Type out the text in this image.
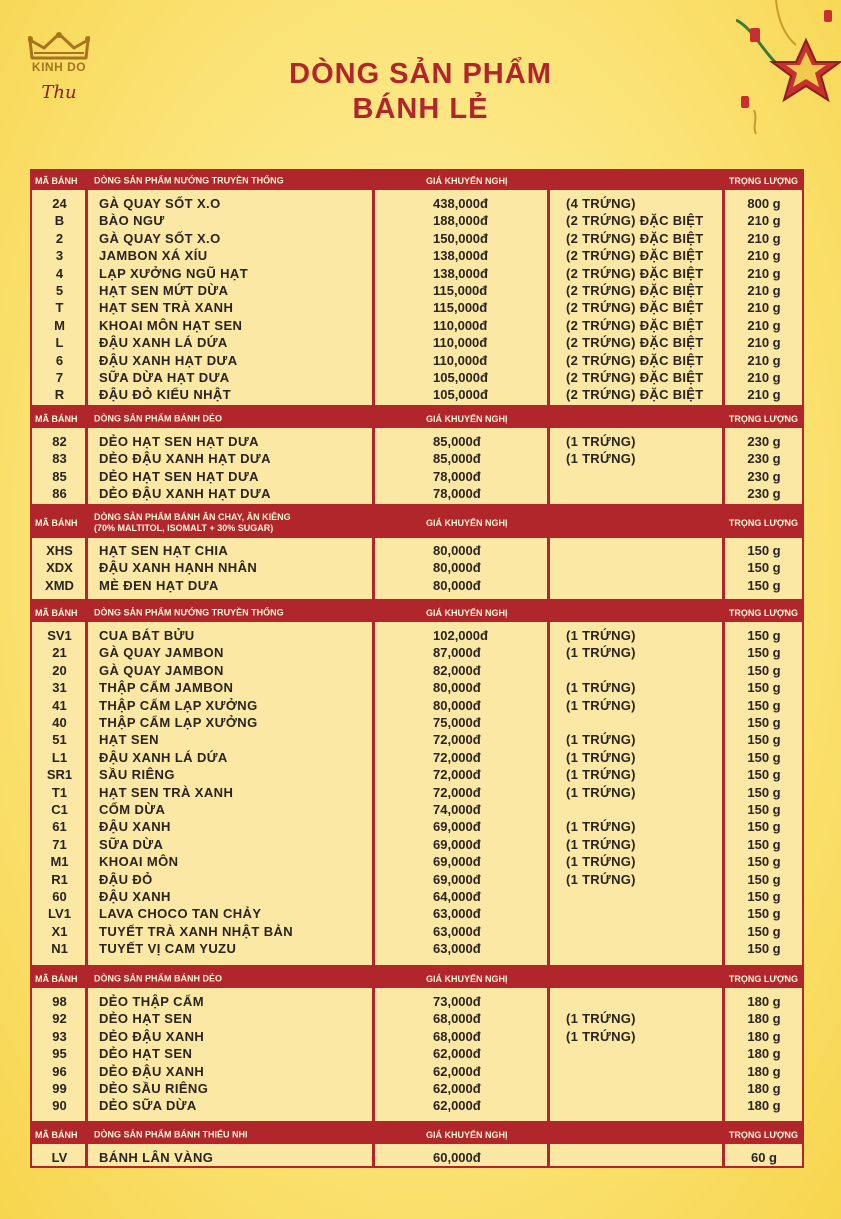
KINH DO
Thu
DÒNG SẢN PHẨM
BÁNH LẺ
MÃ BÁNH DÒNG SẢN PHẨM NƯỚNG TRUYỀN THỐNG	GIÁ KHUYẾN NGHỊ	TRỌNG LƯỢNG
24	GÀ QUAY SỐT X.O	438,000đ	(4 TRỨNG)	800 g
B	BÀO NGƯ	188,000đ	(2 TRỨNG) ĐẶC BIỆT	210 g
2	GÀ QUAY SỐT X.O	150,000đ	(2 TRỨNG) ĐẶC BIỆT	210 g
3	JAMBON XÁ XÍU	138,000đ	(2 TRỨNG) ĐẶC BIỆT	210 g
4	LẠP XƯỞNG NGŨ HẠT	138,000đ	(2 TRỨNG) ĐẶC BIỆT	210 g
5	HẠT SEN MỨT DỪA	115,000đ	(2 TRỨNG) ĐẶC BIỆT	210 g
T	HẠT SEN TRÀ XANH	115,000đ	(2 TRỨNG) ĐẶC BIỆT	210 g
M	KHOAI MÔN HẠT SEN	110,000đ	(2 TRỨNG) ĐẶC BIỆT	210 g
L	ĐẬU XANH LÁ DỨA	110,000đ	(2 TRỨNG) ĐẶC BIỆT	210 g
6	ĐẬU XANH HẠT DƯA	110,000đ	(2 TRỨNG) ĐẶC BIỆT	210 g
7	SỮA DỪA HẠT DƯA	105,000đ	(2 TRỨNG) ĐẶC BIỆT	210 g
R	ĐẬU ĐỎ KIỂU NHẬT	105,000đ	(2 TRỨNG) ĐẶC BIỆT	210 g
MÃ BÁNH DÒNG SẢN PHẨM BÁNH DẺO	GIÁ KHUYẾN NGHỊ	TRỌNG LƯỢNG
82	DẺO HẠT SEN HẠT DƯA	85,000đ	(1 TRỨNG)	230 g
83	DẺO ĐẬU XANH HẠT DƯA	85,000đ	(1 TRỨNG)	230 g
85	DẺO HẠT SEN HẠT DƯA	78,000đ	230 g
86	DẺO ĐẬU XANH HẠT DƯA	78,000đ	230 g
MÃ BÁNH
DÒNG SẢN PHẨM BÁNH ĂN CHAY, ĂN KIÊNG
(70% MALTITOL, ISOMALT + 30% SUGAR)	GIÁ KHUYẾN NGHỊ	TRỌNG LƯỢNG
XHS	HẠT SEN HẠT CHIA	80,000đ	150 g
XDX	ĐẬU XANH HẠNH NHÂN	80,000đ	150 g
XMD	MÈ ĐEN HẠT DƯA	80,000đ	150 g
MÃ BÁNH DÒNG SẢN PHẨM NƯỚNG TRUYỀN THỐNG	GIÁ KHUYẾN NGHỊ	TRỌNG LƯỢNG
SV1	CUA BÁT BỬU	102,000đ	(1 TRỨNG)	150 g
21	GÀ QUAY JAMBON	87,000đ	(1 TRỨNG)	150 g
20	GÀ QUAY JAMBON	82,000đ	150 g
31	THẬP CẨM JAMBON	80,000đ	(1 TRỨNG)	150 g
41	THẬP CẨM LẠP XƯỞNG	80,000đ	(1 TRỨNG)	150 g
40	THẬP CẨM LẠP XƯỞNG	75,000đ	150 g
51	HẠT SEN	72,000đ	(1 TRỨNG)	150 g
L1	ĐẬU XANH LÁ DỨA	72,000đ	(1 TRỨNG)	150 g
SR1	SẦU RIÊNG	72,000đ	(1 TRỨNG)	150 g
T1	HẠT SEN TRÀ XANH	72,000đ	(1 TRỨNG)	150 g
C1	CỐM DỪA	74,000đ	150 g
61	ĐẬU XANH	69,000đ	(1 TRỨNG)	150 g
71	SỮA DỪA	69,000đ	(1 TRỨNG)	150 g
M1	KHOAI MÔN	69,000đ	(1 TRỨNG)	150 g
R1	ĐẬU ĐỎ	69,000đ	(1 TRỨNG)	150 g
60	ĐẬU XANH	64,000đ	150 g
LV1	LAVA CHOCO TAN CHẢY	63,000đ	150 g
X1	TUYẾT TRÀ XANH NHẬT BẢN	63,000đ	150 g
N1	TUYẾT VỊ CAM YUZU	63,000đ	150 g
MÃ BÁNH DÒNG SẢN PHẨM BÁNH DẺO	GIÁ KHUYẾN NGHỊ	TRỌNG LƯỢNG
98	DẺO THẬP CẨM	73,000đ	180 g
92	DẺO HẠT SEN	68,000đ	(1 TRỨNG)	180 g
93	DẺO ĐẬU XANH	68,000đ	(1 TRỨNG)	180 g
95	DẺO HẠT SEN	62,000đ	180 g
96	DẺO ĐẬU XANH	62,000đ	180 g
99	DẺO SẦU RIÊNG	62,000đ	180 g
90	DẺO SỮA DỪA	62,000đ	180 g
MÃ BÁNH DÒNG SẢN PHẨM BÁNH THIẾU NHI	GIÁ KHUYẾN NGHỊ	TRỌNG LƯỢNG
LV	BÁNH LÂN VÀNG	60,000đ	60 g
